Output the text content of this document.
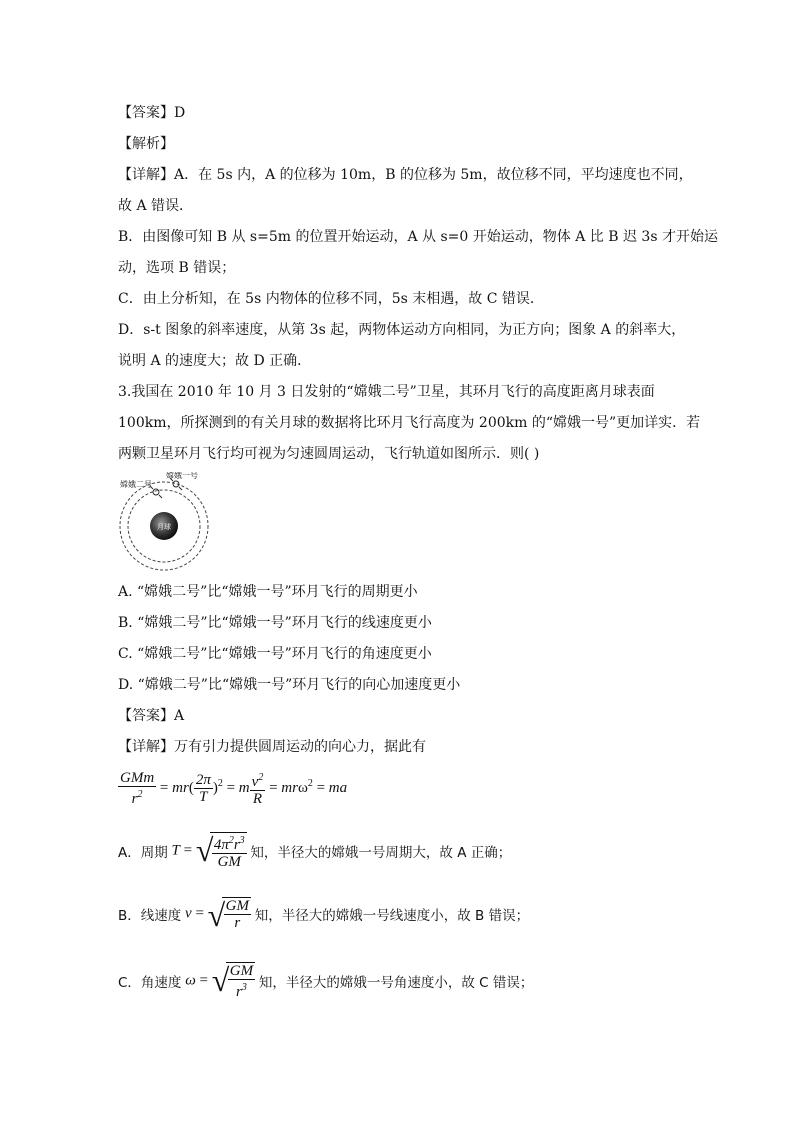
【答案】D
【解析】
【详解】A．在 5s 内，A 的位移为 10m，B 的位移为 5m，故位移不同，平均速度也不同，
故 A 错误．
B．由图像可知 B 从 s=5m 的位置开始运动，A 从 s=0 开始运动，物体 A 比 B 迟 3s 才开始运
动，选项 B 错误；
C．由上分析知，在 5s 内物体的位移不同，5s 末相遇，故 C 错误．
D．s-t 图象的斜率速度，从第 3s 起，两物体运动方向相同，为正方向；图象 A 的斜率大，
说明 A 的速度大；故 D 正确．
3.我国在 2010 年 10 月 3 日发射的“嫦娥二号”卫星，其环月飞行的高度距离月球表面
100km，所探测到的有关月球的数据将比环月飞行高度为 200km 的“嫦娥一号”更加详实．若
两颗卫星环月飞行均可视为匀速圆周运动，飞行轨道如图所示．则( )
月球
嫦娥一号
嫦娥二号
A. “嫦娥二号”比“嫦娥一号”环月飞行的周期更小
B. “嫦娥二号”比“嫦娥一号”环月飞行的线速度更小
C. “嫦娥二号”比“嫦娥一号”环月飞行的角速度更小
D. “嫦娥二号”比“嫦娥一号”环月飞行的向心加速度更小
【答案】A
【详解】万有引力提供圆周运动的向心力，据此有
$\frac{\text{GMm}}{r^2} = mr( \frac{2\pi}{T} )^2 = m \frac{v^2}{R} = mr\omega^2$ = ma
A．周期 T = √
$\frac{4\pi^2r^3}{GM}$ 知，半径大的嫦娥一号周期大，故 A 正确；
B．线速度 v = √
$\frac{GM}{r}$ 知，半径大的嫦娥一号线速度小，故 B 错误；
C．角速度 ω = √
$\frac{GM}{r^3}$ 知，半径大的嫦娥一号角速度小，故 C 错误；
